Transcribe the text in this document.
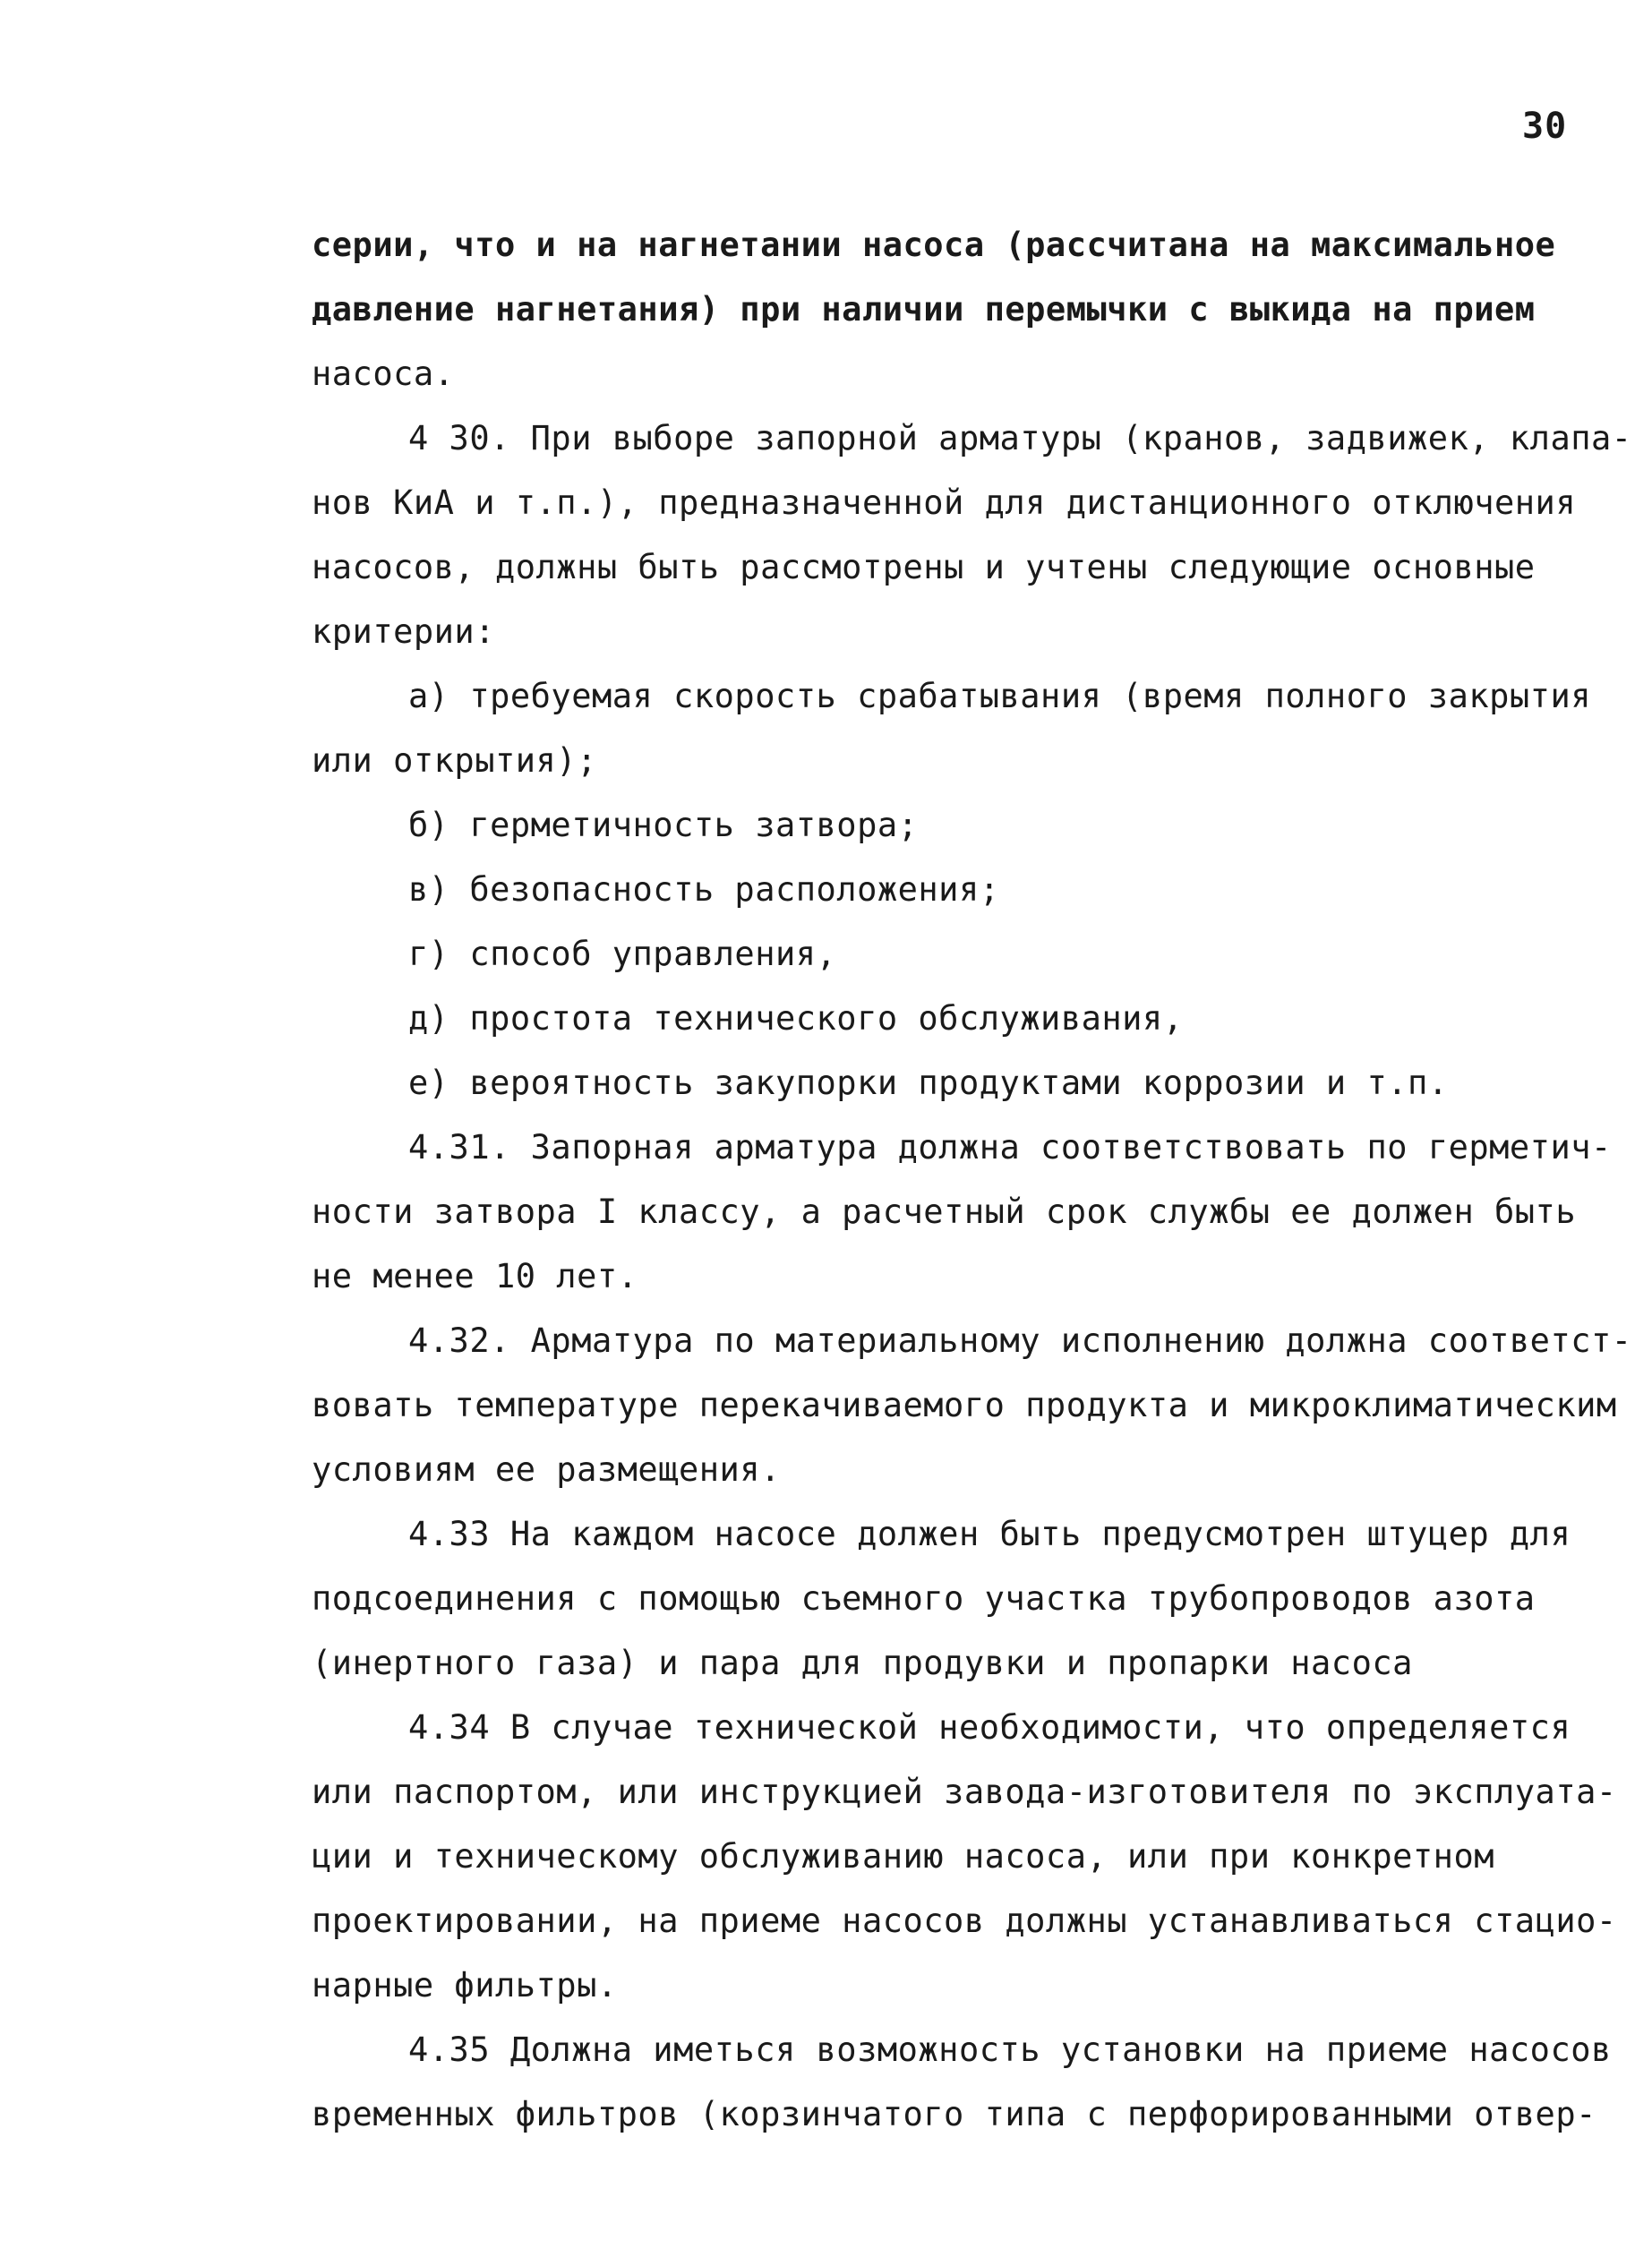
30
серии, что и на нагнетании насоса (рассчитана на максимальное
давление нагнетания) при наличии перемычки с выкида на прием
насоса.
4 30. При выборе запорной арматуры (кранов, задвижек, клапа-
нов КиА и т.п.), предназначенной для дистанционного отключения
насосов, должны быть рассмотрены и учтены следующие основные
критерии:
а) требуемая скорость срабатывания (время полного закрытия
или открытия);
б) герметичность затвора;
в) безопасность расположения;
г) способ управления,
д) простота технического обслуживания,
е) вероятность закупорки продуктами коррозии и т.п.
4.31. Запорная арматура должна соответствовать по герметич-
ности затвора I классу, а расчетный срок службы ее должен быть
не менее 10 лет.
4.32. Арматура по материальному исполнению должна соответст-
вовать температуре перекачиваемого продукта и микроклиматическим
условиям ее размещения.
4.33 На каждом насосе должен быть предусмотрен штуцер для
подсоединения с помощью съемного участка трубопроводов азота
(инертного газа) и пара для продувки и пропарки насоса
4.34 В случае технической необходимости, что определяется
или паспортом, или инструкцией завода-изготовителя по эксплуата-
ции и техническому обслуживанию насоса, или при конкретном
проектировании, на приеме насосов должны устанавливаться стацио-
нарные фильтры.
4.35 Должна иметься возможность установки на приеме насосов
временных фильтров (корзинчатого типа с перфорированными отвер-
